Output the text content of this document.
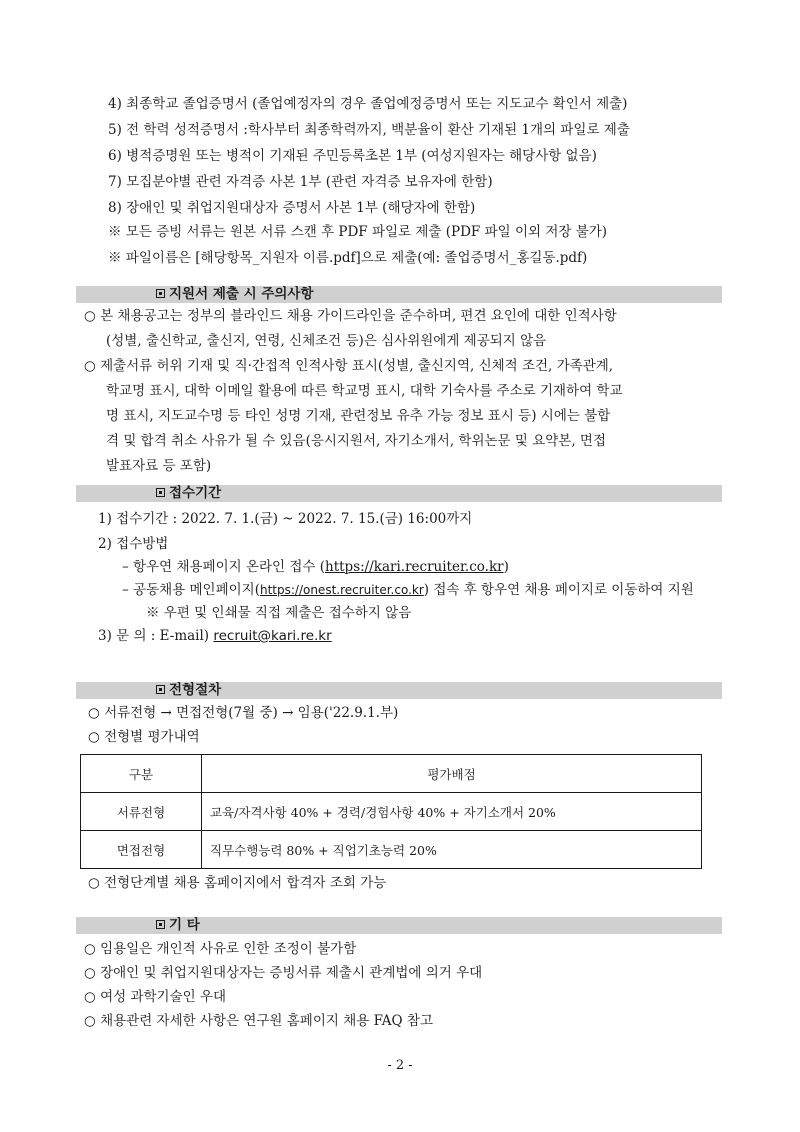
4) 최종학교 졸업증명서 (졸업예정자의 경우 졸업예정증명서 또는 지도교수 확인서 제출)
5) 전 학력 성적증명서 :학사부터 최종학력까지, 백분율이 환산 기재된 1개의 파일로 제출
6) 병적증명원 또는 병적이 기재된 주민등록초본 1부 (여성지원자는 해당사항 없음)
7) 모집분야별 관련 자격증 사본 1부 (관련 자격증 보유자에 한함)
8) 장애인 및 취업지원대상자 증명서 사본 1부 (해당자에 한함)
※ 모든 증빙 서류는 원본 서류 스캔 후 PDF 파일로 제출 (PDF 파일 이외 저장 불가)
※ 파일이름은 [해당항목_지원자 이름.pdf]으로 제출(예: 졸업증명서_홍길동.pdf)
지원서 제출 시 주의사항
○ 본 채용공고는 정부의 블라인드 채용 가이드라인을 준수하며, 편견 요인에 대한 인적사항
(성별, 출신학교, 출신지, 연령, 신체조건 등)은 심사위원에게 제공되지 않음
○ 제출서류 허위 기재 및 직·간접적 인적사항 표시(성별, 출신지역, 신체적 조건, 가족관계,
학교명 표시, 대학 이메일 활용에 따른 학교명 표시, 대학 기숙사를 주소로 기재하여 학교
명 표시, 지도교수명 등 타인 성명 기재, 관련정보 유추 가능 정보 표시 등) 시에는 불합
격 및 합격 취소 사유가 될 수 있음(응시지원서, 자기소개서, 학위논문 및 요약본, 면접
발표자료 등 포함)
접수기간
1) 접수기간 : 2022. 7. 1.(금) ~ 2022. 7. 15.(금) 16:00까지
2) 접수방법
– 항우연 채용페이지 온라인 접수 (https://kari.recruiter.co.kr)
– 공동채용 메인페이지(https://onest.recruiter.co.kr) 접속 후 항우연 채용 페이지로 이동하여 지원
※ 우편 및 인쇄물 직접 제출은 접수하지 않음
3) 문 의 : E-mail) recruit@kari.re.kr
전형절차
○ 서류전형 → 면접전형(7월 중) → 임용('22.9.1.부)
○ 전형별 평가내역
구분	평가배점
서류전형	교육/자격사항 40% + 경력/경험사항 40% + 자기소개서 20%
면접전형	직무수행능력 80% + 직업기초능력 20%
○ 전형단계별 채용 홈페이지에서 합격자 조회 가능
기 타
○ 임용일은 개인적 사유로 인한 조정이 불가함
○ 장애인 및 취업지원대상자는 증빙서류 제출시 관계법에 의거 우대
○ 여성 과학기술인 우대
○ 채용관련 자세한 사항은 연구원 홈페이지 채용 FAQ 참고
- 2 -
